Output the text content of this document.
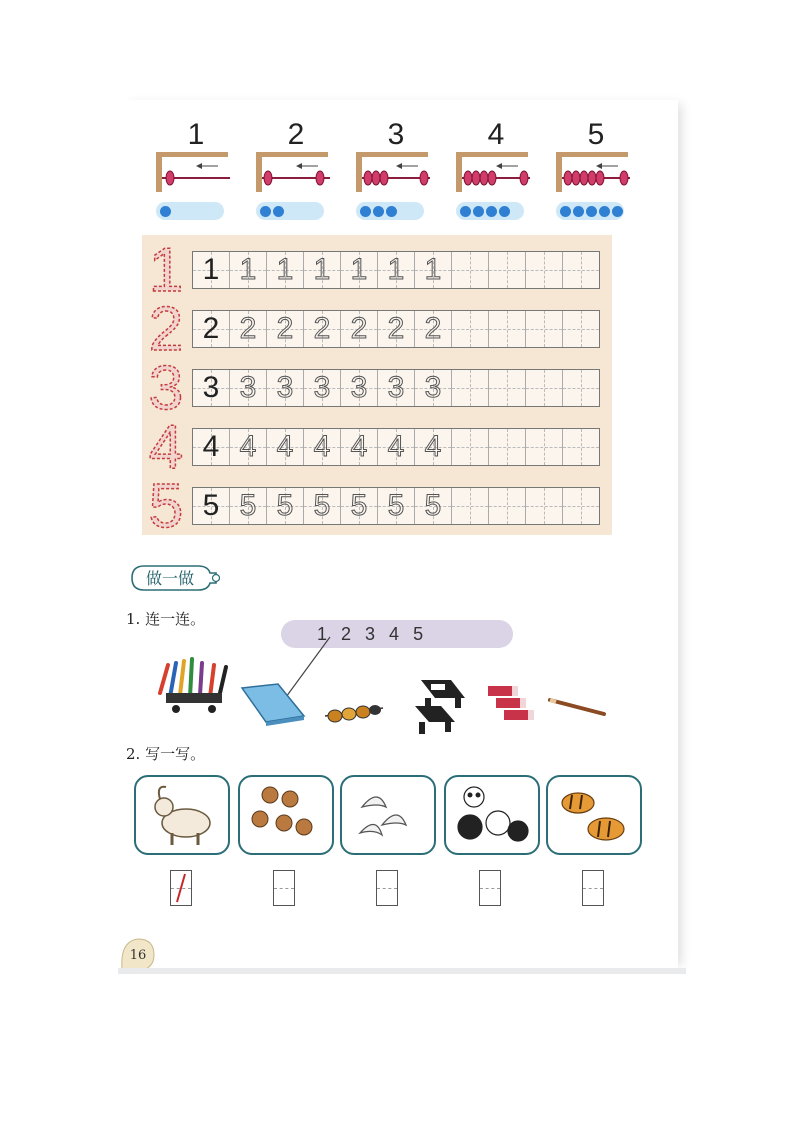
1	2	3	4	5
1 1 1 1 1 1 1 1
2 2 2 2 2 2 2 2
3 3 3 3 3 3 3 3
4 4 4 4 4 4 4 4
5 5 5 5 5 5 5 5
做一做
1. 连一连。
1 2 3 4 5
2. 写一写。
16
